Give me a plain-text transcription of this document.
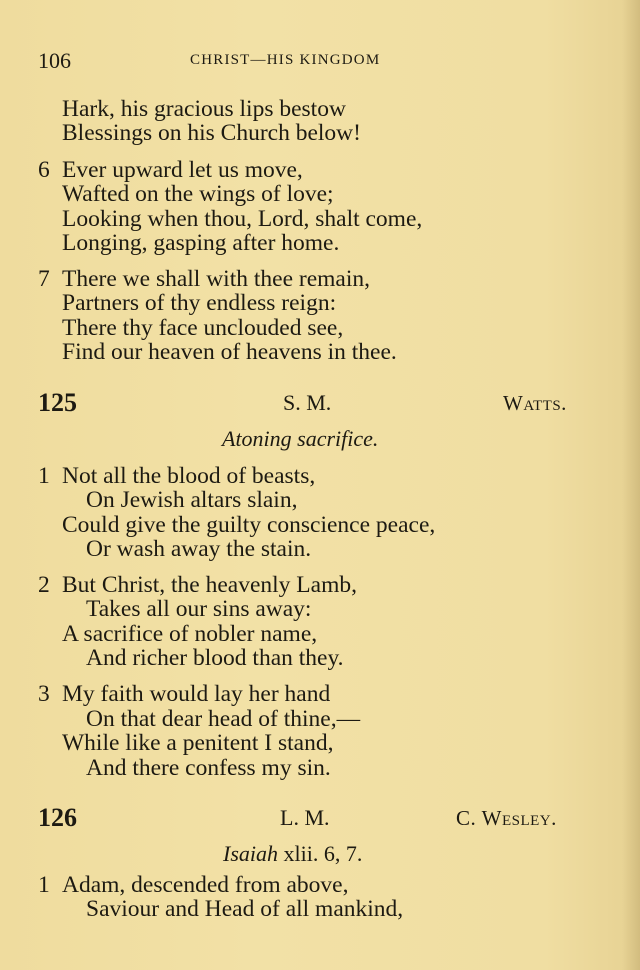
106	CHRIST—HIS KINGDOM
Hark, his gracious lips bestow
Blessings on his Church below!
6 Ever upward let us move,
Wafted on the wings of love;
Looking when thou, Lord, shalt come,
Longing, gasping after home.
7 There we shall with thee remain,
Partners of thy endless reign:
There thy face unclouded see,
Find our heaven of heavens in thee.
125	S. M.	Watts.
Atoning sacrifice.
1 Not all the blood of beasts,
On Jewish altars slain,
Could give the guilty conscience peace,
Or wash away the stain.
2 But Christ, the heavenly Lamb,
Takes all our sins away:
A sacrifice of nobler name,
And richer blood than they.
3 My faith would lay her hand
On that dear head of thine,—
While like a penitent I stand,
And there confess my sin.
126	L. M.	C. Wesley.
Isaiah xlii. 6, 7.
1 Adam, descended from above,
Saviour and Head of all mankind,
